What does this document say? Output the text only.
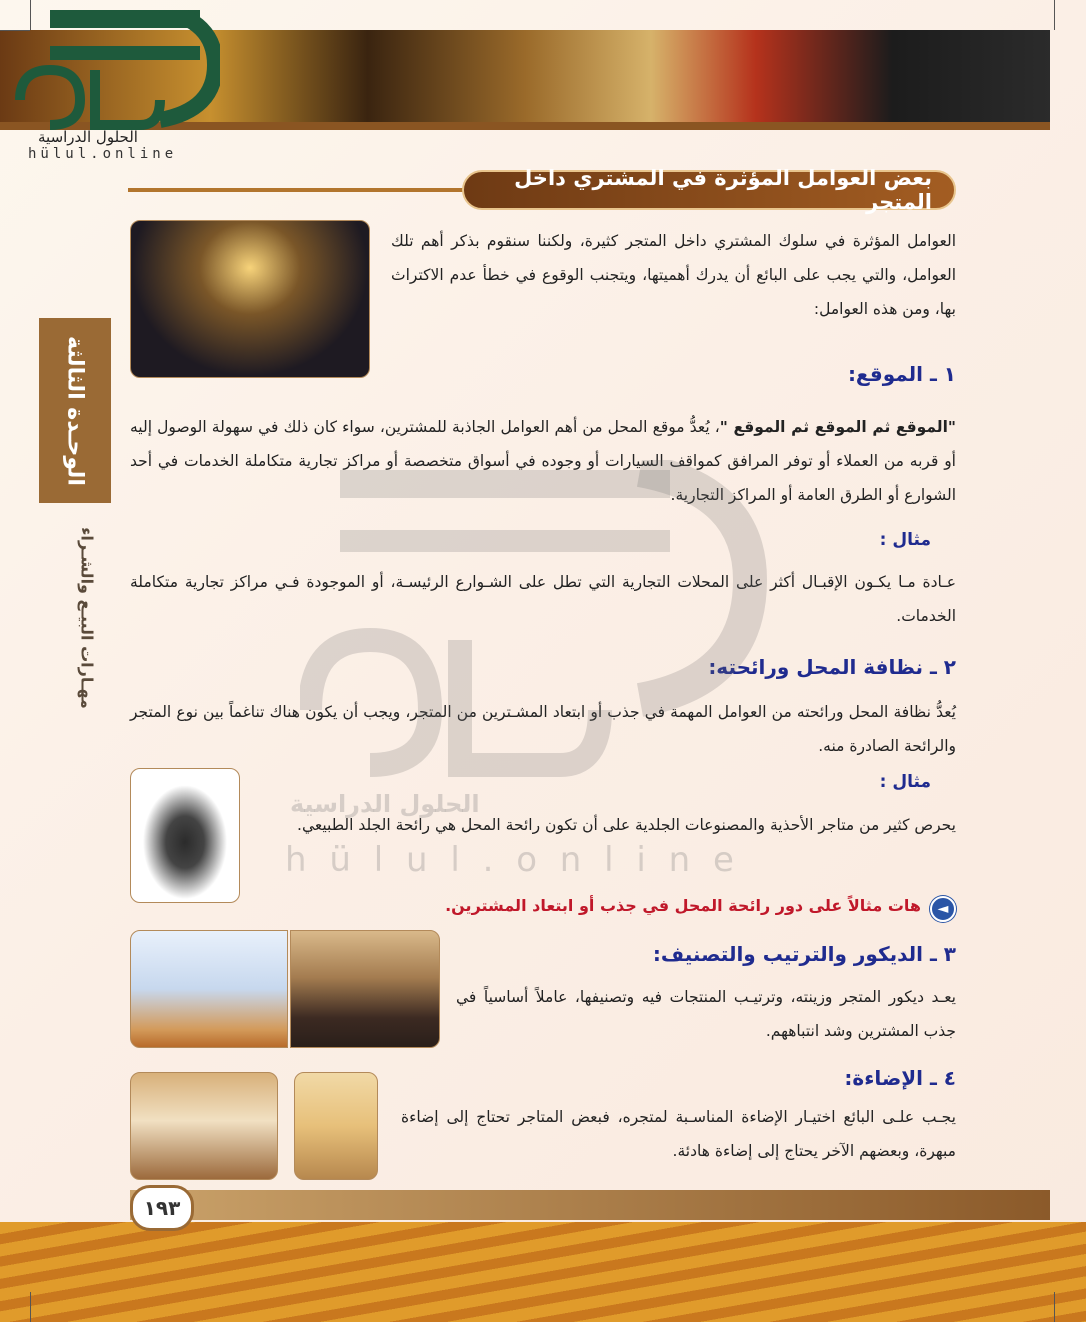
الحلول الدراسية
hülul.online
الوحـدة الثالثة
مهـارات البيـع والشـراء
بعض العوامل المؤثرة في المشتري داخل المتجر
العوامل المؤثرة في سلوك المشتري داخل المتجر كثيرة، ولكننا سنقوم بذكر أهم تلك العوامل، والتي يجب على البائع أن يدرك أهميتها، ويتجنب الوقوع في خطأ عدم الاكتراث بها، ومن هذه العوامل:
١ ـ الموقع:
"الموقع ثم الموقع ثم الموقع "، يُعدُّ موقع المحل من أهم العوامل الجاذبة للمشترين، سواء كان ذلك في سهولة الوصول إليه أو قربه من العملاء أو توفر المرافق كمواقف السيارات أو وجوده في أسواق متخصصة أو مراكز تجارية متكاملة الخدمات في أحد الشوارع أو الطرق العامة أو المراكز التجارية.
مثال :
عـادة مـا يكـون الإقبـال أكثر على المحلات التجارية التي تطل على الشـوارع الرئيسـة، أو الموجودة فـي مراكز تجارية متكاملة الخدمات.
٢ ـ نظافة المحل ورائحته:
يُعدُّ نظافة المحل ورائحته من العوامل المهمة في جذب أو ابتعاد المشـترين من المتجر، ويجب أن يكون هناك تناغماً بين نوع المتجر والرائحة الصادرة منه.
مثال :
يحرص كثير من متاجر الأحذية والمصنوعات الجلدية على أن تكون رائحة المحل هي رائحة الجلد الطبيعي.
◄
هات مثالاً على دور رائحة المحل في جذب أو ابتعاد المشترين.
٣ ـ الديكور والترتيب والتصنيف:
يعـد ديكور المتجر وزينته، وترتيـب المنتجات فيه وتصنيفها، عاملاً أساسياً في جذب المشترين وشد انتباههم.
٤ ـ الإضاءة:
يجـب علـى البائع اختيـار الإضاءة المناسـبة لمتجره، فبعض المتاجر تحتاج إلى إضاءة مبهرة، وبعضهم الآخر يحتاج إلى إضاءة هادئة.
١٩٣
الحلول الدراسية
h ü l u l . o n l i n e
